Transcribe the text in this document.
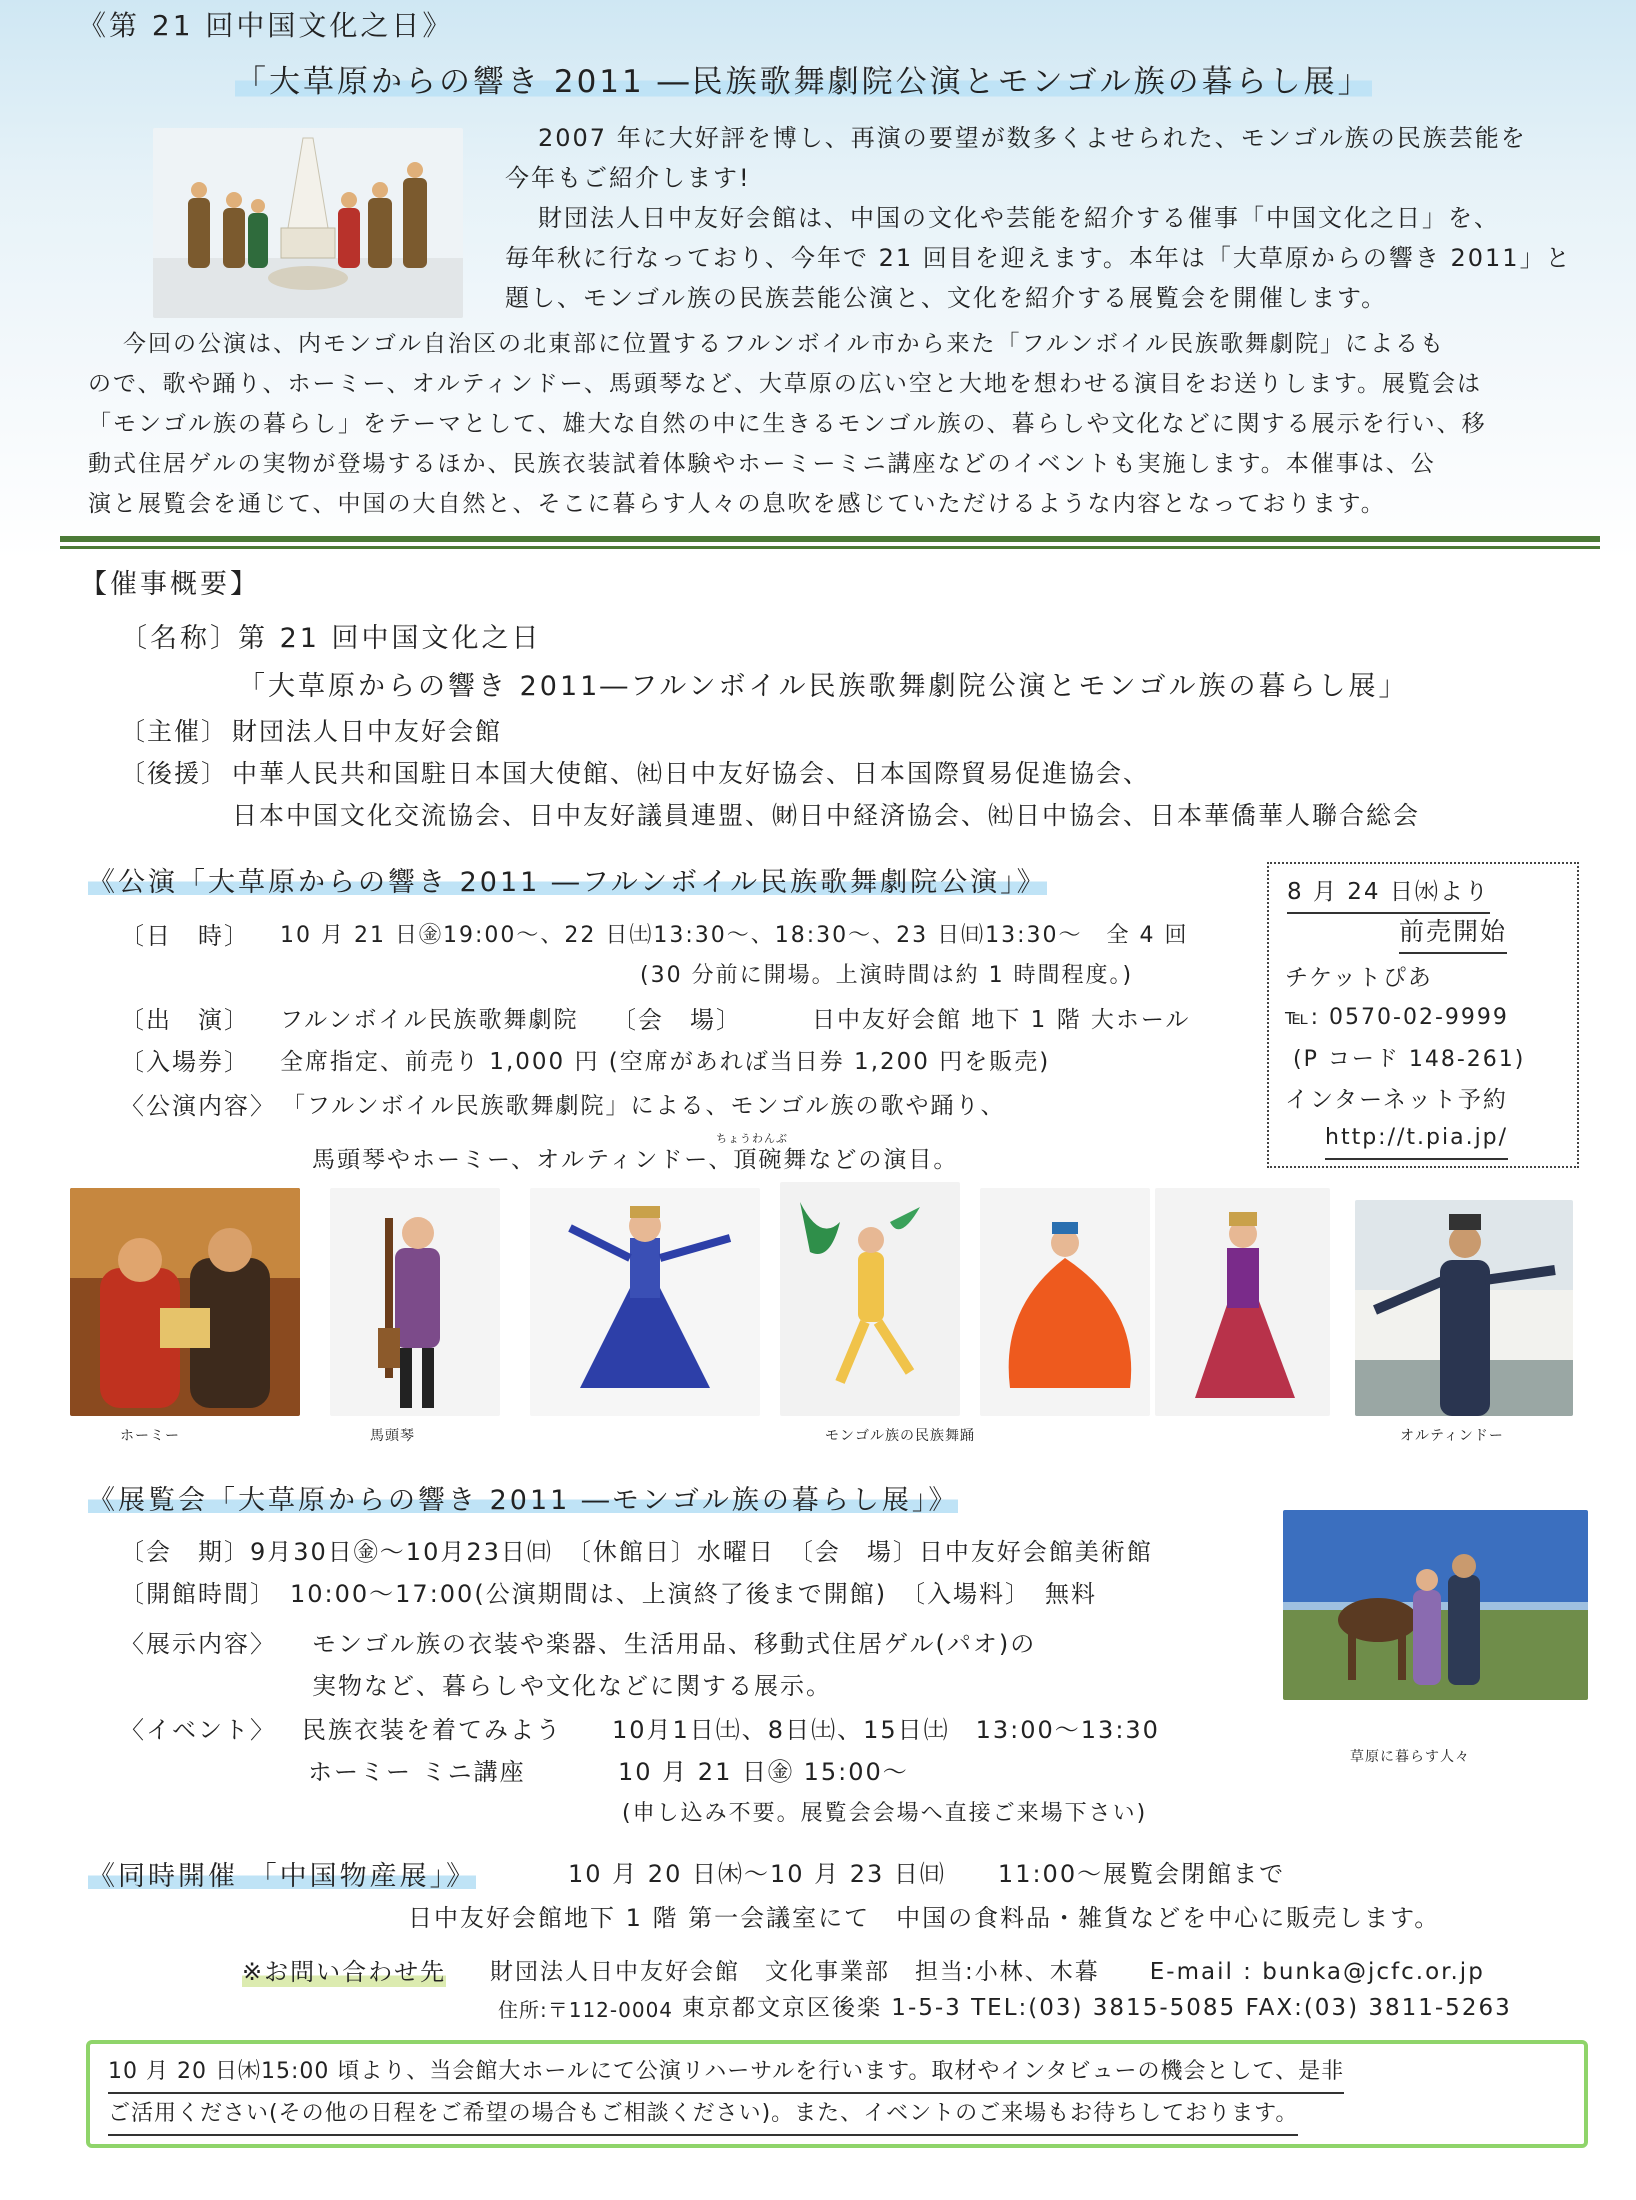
《第 21 回中国文化之日》
「大草原からの響き 2011 ―民族歌舞劇院公演とモンゴル族の暮らし展」
2007 年に大好評を博し、再演の要望が数多くよせられた、モンゴル族の民族芸能を
今年もご紹介します!
財団法人日中友好会館は、中国の文化や芸能を紹介する催事「中国文化之日」を、
毎年秋に行なっており、今年で 21 回目を迎えます。本年は「大草原からの響き 2011」と
題し、モンゴル族の民族芸能公演と、文化を紹介する展覧会を開催します。
今回の公演は、内モンゴル自治区の北東部に位置するフルンボイル市から来た「フルンボイル民族歌舞劇院」によるも
ので、歌や踊り、ホーミー、オルティンドー、馬頭琴など、大草原の広い空と大地を想わせる演目をお送りします。展覧会は
「モンゴル族の暮らし」をテーマとして、雄大な自然の中に生きるモンゴル族の、暮らしや文化などに関する展示を行い、移
動式住居ゲルの実物が登場するほか、民族衣装試着体験やホーミーミニ講座などのイベントも実施します。本催事は、公
演と展覧会を通じて、中国の大自然と、そこに暮らす人々の息吹を感じていただけるような内容となっております。
【催事概要】
〔名称〕
第 21 回中国文化之日
「大草原からの響き 2011―フルンボイル民族歌舞劇院公演とモンゴル族の暮らし展」
〔主催〕 財団法人日中友好会館
〔後援〕 中華人民共和国駐日本国大使館、㈳日中友好協会、日本国際貿易促進協会、
日本中国文化交流協会、日中友好議員連盟、㈶日中経済協会、㈳日中協会、日本華僑華人聯合総会
《公演「大草原からの響き 2011 ―フルンボイル民族歌舞劇院公演」》
〔日　時〕 10 月 21 日㊎19:00～、22 日㈯13:30～、18:30～、23 日㈰13:30～　全 4 回
(30 分前に開場。上演時間は約 1 時間程度。)
〔出　演〕 フルンボイル民族歌舞劇院 〔会　場〕	日中友好会館 地下 1 階 大ホール
〔入場券〕 全席指定、前売り 1,000 円 (空席があれば当日券 1,200 円を販売)
〈公演内容〉 「フルンボイル民族歌舞劇院」による、モンゴル族の歌や踊り、
ちょうわんぶ
馬頭琴やホーミー、オルティンドー、頂碗舞などの演目。
8 月 24 日㈬より
前売開始
チケットぴあ
℡: 0570-02-9999
(P コード 148-261)
インターネット予約
http://t.pia.jp/
ホーミー	馬頭琴	モンゴル族の民族舞踊	オルティンドー
《展覧会「大草原からの響き 2011 ―モンゴル族の暮らし展」》
〔会　期〕9月30日㊎～10月23日㈰　〔休館日〕水曜日　〔会　場〕日中友好会館美術館
〔開館時間〕　10:00～17:00(公演期間は、上演終了後まで開館)　〔入場料〕　無料
〈展示内容〉 モンゴル族の衣装や楽器、生活用品、移動式住居ゲル(パオ)の
実物など、暮らしや文化などに関する展示。
〈イベント〉 民族衣装を着てみよう 10月1日㈯、8日㈯、15日㈯　13:00～13:30
ホーミー ミニ講座	10 月 21 日㊎ 15:00～
(申し込み不要。展覧会会場へ直接ご来場下さい)
草原に暮らす人々
《同時開催 「中国物産展」》	10 月 20 日㈭～10 月 23 日㈰　　11:00～展覧会閉館まで
日中友好会館地下 1 階 第一会議室にて　中国の食料品・雑貨などを中心に販売します。
※お問い合わせ先 財団法人日中友好会館　文化事業部　担当:小林、木暮　　E-mail : bunka@jcfc.or.jp
住所:〒112-0004 東京都文京区後楽 1-5-3 TEL:(03) 3815-5085 FAX:(03) 3811-5263
10 月 20 日㈭15:00 頃より、当会館大ホールにて公演リハーサルを行います。取材やインタビューの機会として、是非
ご活用ください(その他の日程をご希望の場合もご相談ください)。また、イベントのご来場もお待ちしております。
